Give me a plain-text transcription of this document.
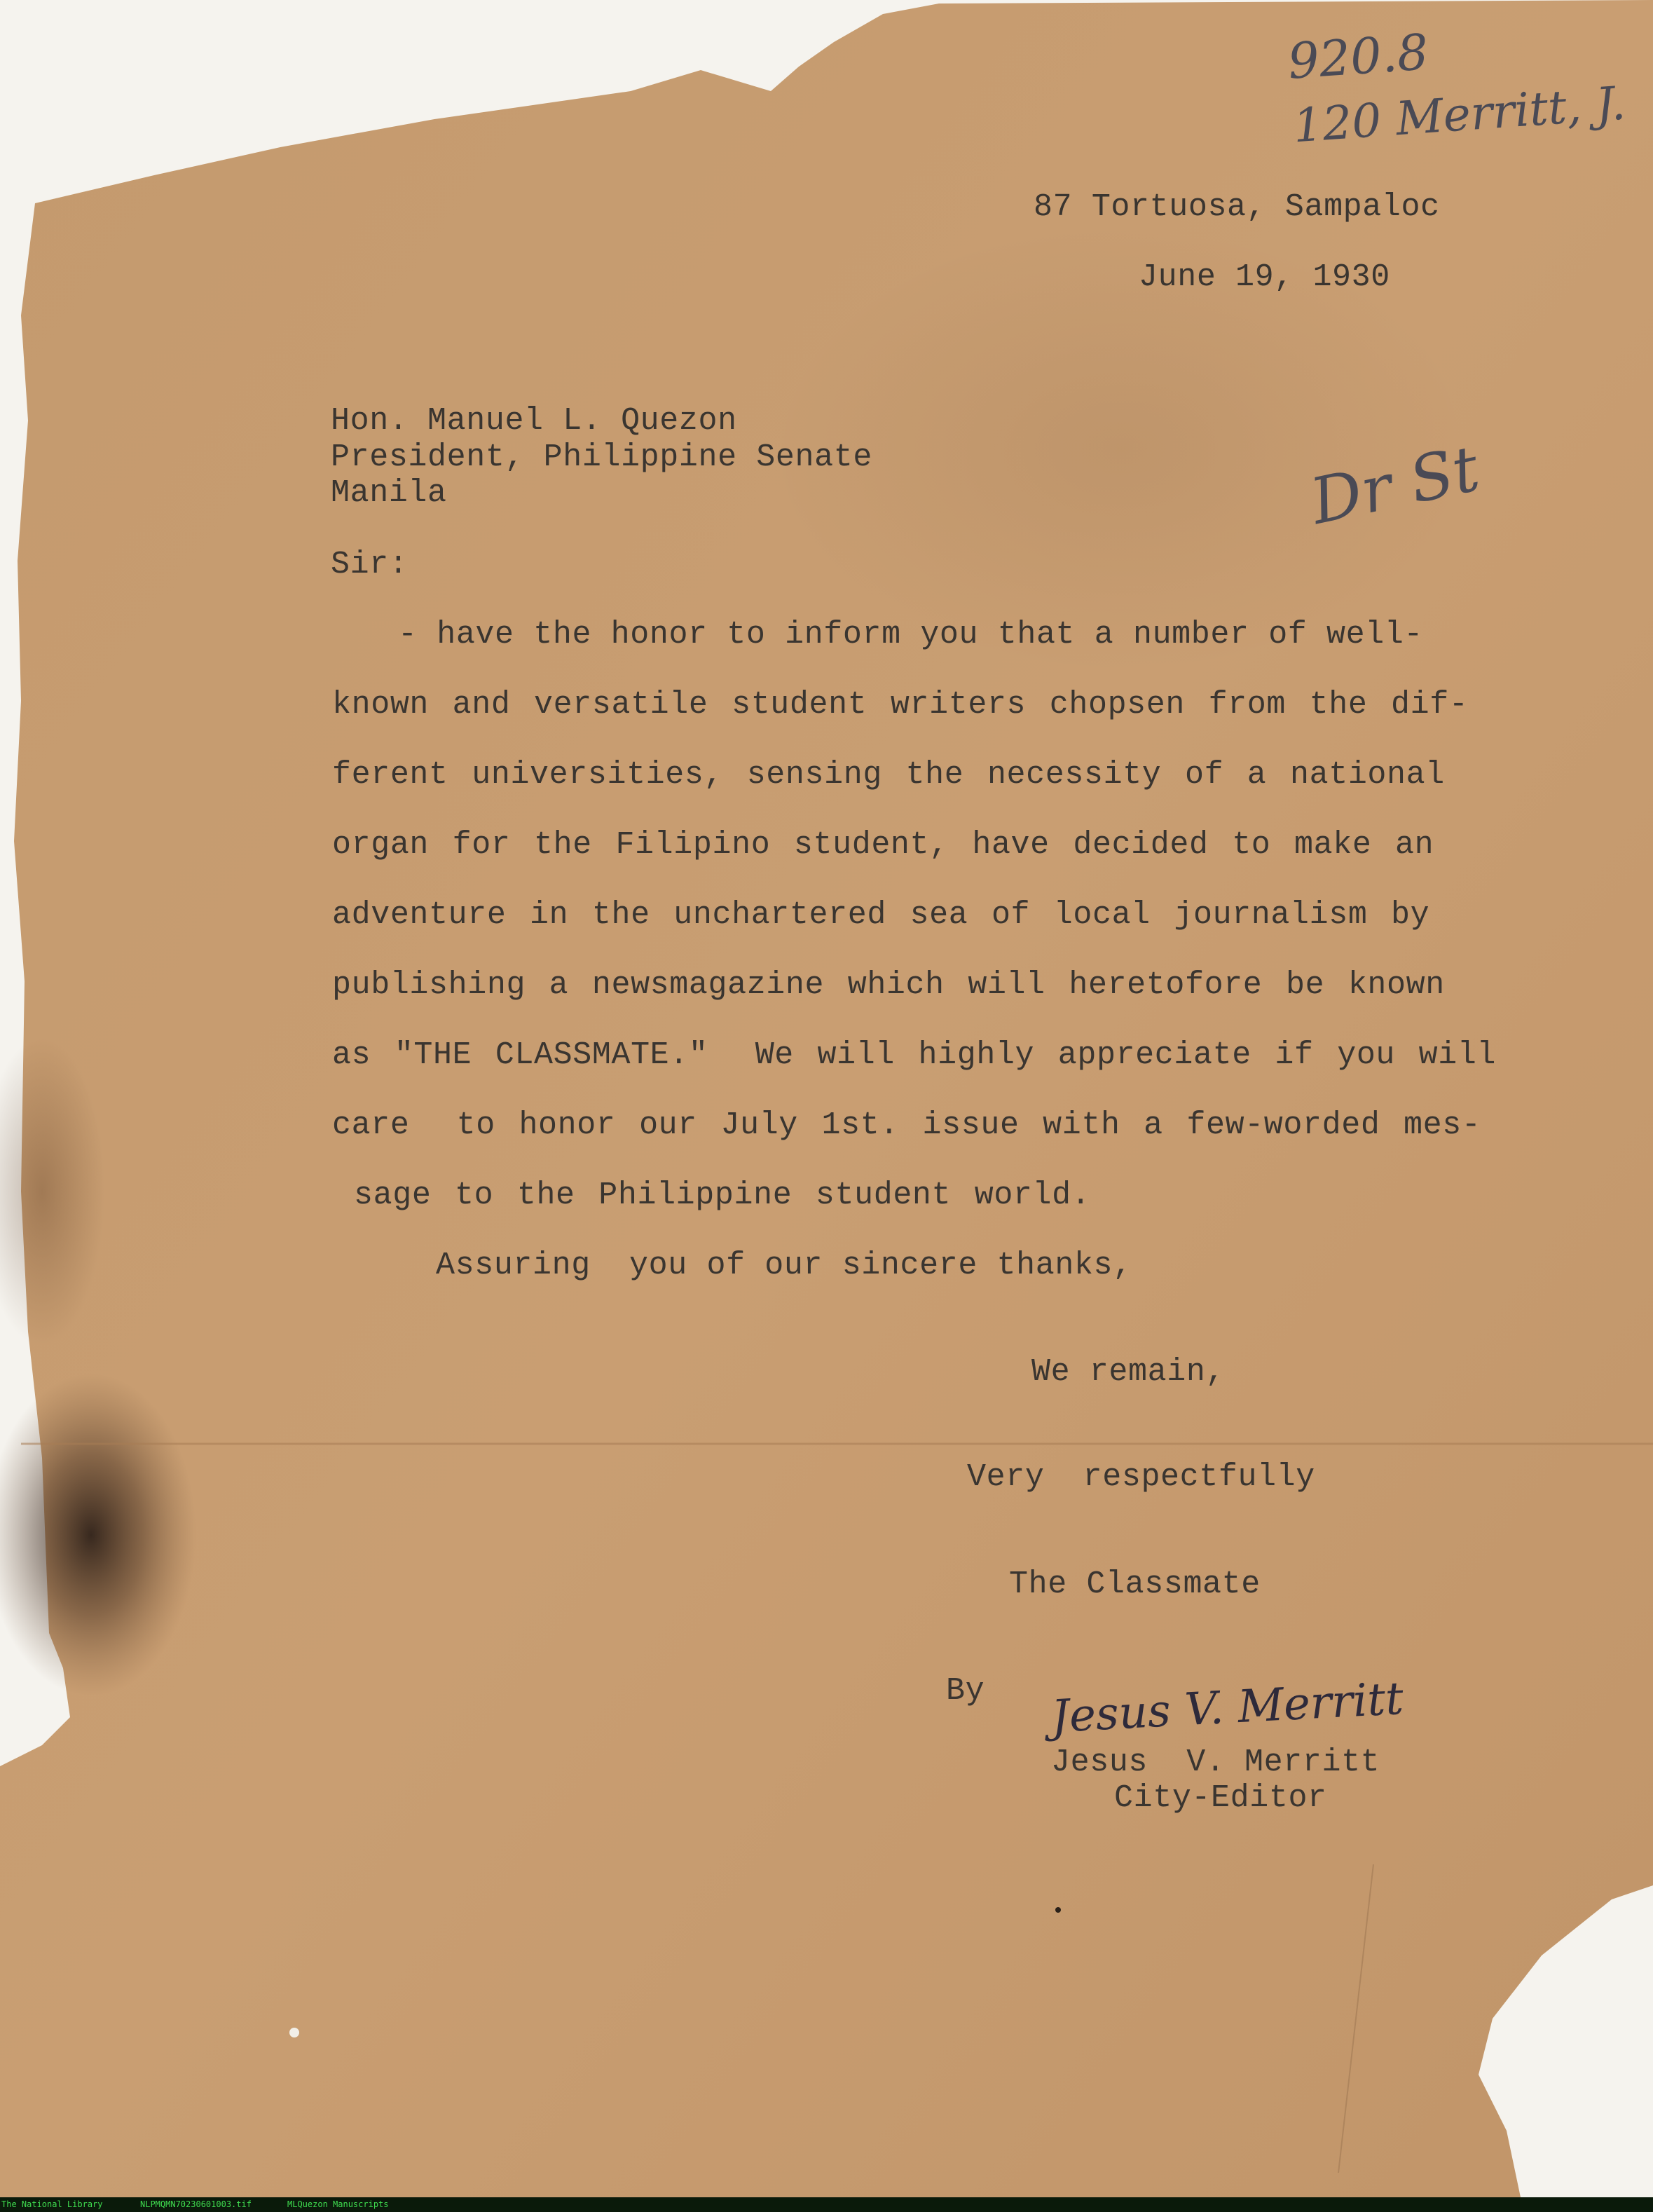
920.8
120 Merritt, J.
87 Tortuosa, Sampaloc
June 19, 1930
Hon. Manuel L. Quezon
President, Philippine Senate
Manila	Dr St
Sir:
- have the honor to inform you that a number of well-
known and versatile student writers chopsen from the dif-
ferent universities, sensing the necessity of a national
organ for the Filipino student, have decided to make an
adventure in the unchartered sea of local journalism by
publishing a newsmagazine which will heretofore be known
as "THE CLASSMATE."  We will highly appreciate if you will
care  to honor our July 1st. issue with a few-worded mes-
sage to the Philippine student world.
Assuring  you of our sincere thanks,
We remain,
Very  respectfully
The Classmate
By Jesus V. Merritt
Jesus  V. Merritt
City-Editor
The National Library	NLPMQMN70230601003.tif	MLQuezon Manuscripts
